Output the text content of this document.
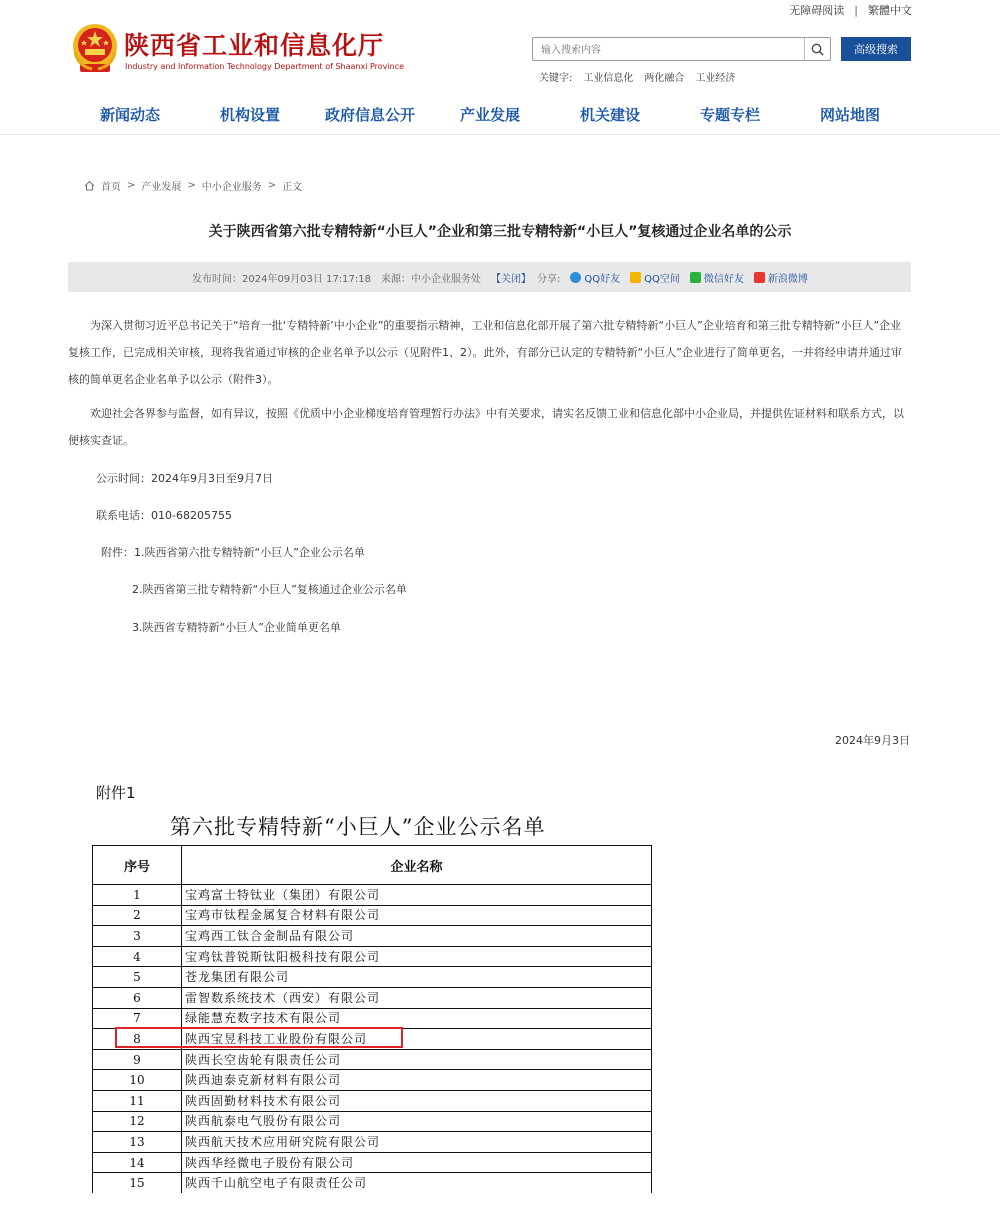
无障碍阅读 | 繁體中文
陕西省工业和信息化厅
Industry and Information Technology Department of Shaanxi Province
输入搜索内容
高级搜索
关键字: 工业信息化 两化融合 工业经济
新闻动态	机构设置	政府信息公开	产业发展	机关建设	专题专栏	网站地图
首页 > 产业发展 > 中小企业服务 > 正文
关于陕西省第六批专精特新“小巨人”企业和第三批专精特新“小巨人”复核通过企业名单的公示
发布时间：2024年09月03日 17:17:18 来源：中小企业服务处 【关闭】 分享: QQ好友 QQ空间 微信好友 新浪微博
为深入贯彻习近平总书记关于“培育一批‘专精特新’中小企业”的重要指示精神，工业和信息化部开展了第六批专精特新“小巨人”企业培育和第三批专精特新“小巨人”企业复核工作，已完成相关审核，现将我省通过审核的企业名单予以公示（见附件1、2）。此外，有部分已认定的专精特新“小巨人”企业进行了简单更名，一并将经申请并通过审核的简单更名企业名单予以公示（附件3）。
欢迎社会各界参与监督，如有异议，按照《优质中小企业梯度培育管理暂行办法》中有关要求，请实名反馈工业和信息化部中小企业局，并提供佐证材料和联系方式，以便核实查证。
公示时间：2024年9月3日至9月7日
联系电话：010-68205755
附件：1.陕西省第六批专精特新“小巨人”企业公示名单
2.陕西省第三批专精特新“小巨人”复核通过企业公示名单
3.陕西省专精特新“小巨人”企业简单更名单
2024年9月3日
附件1
第六批专精特新“小巨人”企业公示名单
序号	企业名称
1	宝鸡富士特钛业（集团）有限公司
2	宝鸡市钛程金属复合材料有限公司
3	宝鸡西工钛合金制品有限公司
4	宝鸡钛普锐斯钛阳极科技有限公司
5	苍龙集团有限公司
6	雷智数系统技术（西安）有限公司
7	绿能慧充数字技术有限公司
8	陕西宝昱科技工业股份有限公司
9	陕西长空齿轮有限责任公司
10	陕西迪泰克新材料有限公司
11	陕西固勤材料技术有限公司
12	陕西航泰电气股份有限公司
13	陕西航天技术应用研究院有限公司
14	陕西华经微电子股份有限公司
15	陕西千山航空电子有限责任公司
